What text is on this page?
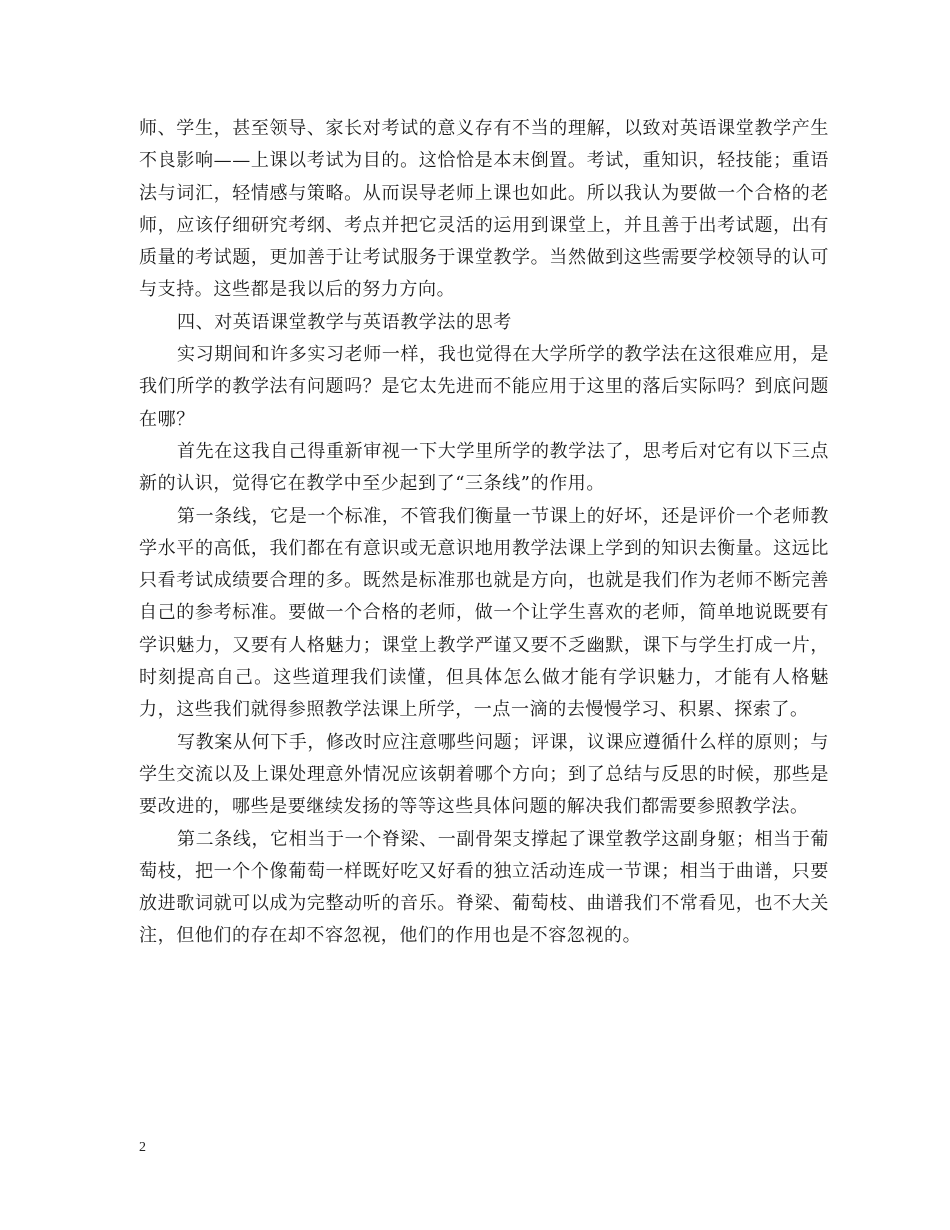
师、学生，甚至领导、家长对考试的意义存有不当的理解，以致对英语课堂教学产生不良影响——上课以考试为目的。这恰恰是本末倒置。考试，重知识，轻技能；重语法与词汇，轻情感与策略。从而误导老师上课也如此。所以我认为要做一个合格的老师，应该仔细研究考纲、考点并把它灵活的运用到课堂上，并且善于出考试题，出有质量的考试题，更加善于让考试服务于课堂教学。当然做到这些需要学校领导的认可与支持。这些都是我以后的努力方向。

四、对英语课堂教学与英语教学法的思考

实习期间和许多实习老师一样，我也觉得在大学所学的教学法在这很难应用，是我们所学的教学法有问题吗？是它太先进而不能应用于这里的落后实际吗？到底问题在哪？

首先在这我自己得重新审视一下大学里所学的教学法了，思考后对它有以下三点新的认识，觉得它在教学中至少起到了“三条线”的作用。

第一条线，它是一个标准，不管我们衡量一节课上的好坏，还是评价一个老师教学水平的高低，我们都在有意识或无意识地用教学法课上学到的知识去衡量。这远比只看考试成绩要合理的多。既然是标准那也就是方向，也就是我们作为老师不断完善自己的参考标准。要做一个合格的老师，做一个让学生喜欢的老师，简单地说既要有学识魅力，又要有人格魅力；课堂上教学严谨又要不乏幽默，课下与学生打成一片，时刻提高自己。这些道理我们读懂，但具体怎么做才能有学识魅力，才能有人格魅力，这些我们就得参照教学法课上所学，一点一滴的去慢慢学习、积累、探索了。

写教案从何下手，修改时应注意哪些问题；评课，议课应遵循什么样的原则；与学生交流以及上课处理意外情况应该朝着哪个方向；到了总结与反思的时候，那些是要改进的，哪些是要继续发扬的等等这些具体问题的解决我们都需要参照教学法。

第二条线，它相当于一个脊梁、一副骨架支撑起了课堂教学这副身躯；相当于葡萄枝，把一个个像葡萄一样既好吃又好看的独立活动连成一节课；相当于曲谱，只要放进歌词就可以成为完整动听的音乐。脊梁、葡萄枝、曲谱我们不常看见，也不大关注，但他们的存在却不容忽视，他们的作用也是不容忽视的。

2
